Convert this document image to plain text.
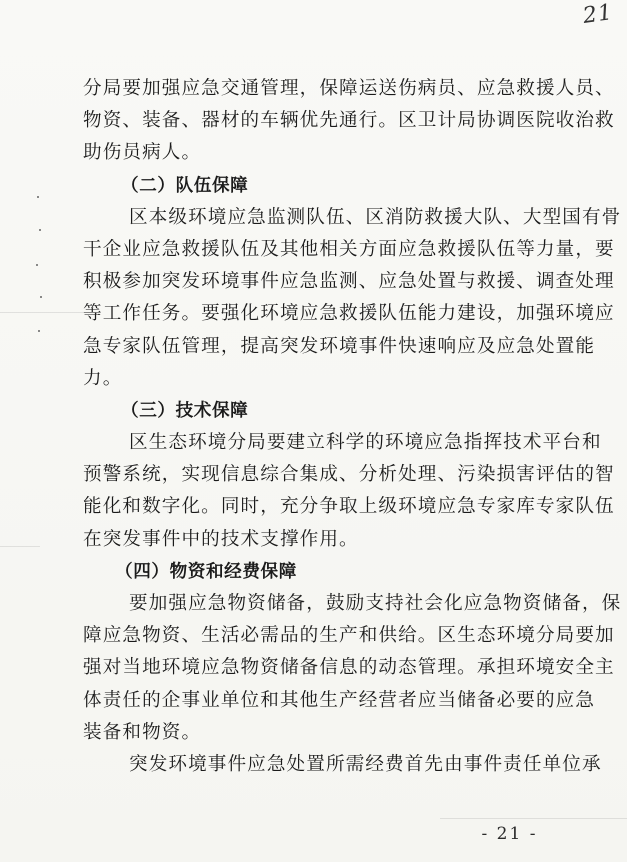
21
分局要加强应急交通管理，保障运送伤病员、应急救援人员、
物资、装备、器材的车辆优先通行。区卫计局协调医院收治救
助伤员病人。
（二）队伍保障
区本级环境应急监测队伍、区消防救援大队、大型国有骨
干企业应急救援队伍及其他相关方面应急救援队伍等力量，要
积极参加突发环境事件应急监测、应急处置与救援、调查处理
等工作任务。要强化环境应急救援队伍能力建设，加强环境应
急专家队伍管理，提高突发环境事件快速响应及应急处置能
力。
（三）技术保障
区生态环境分局要建立科学的环境应急指挥技术平台和
预警系统，实现信息综合集成、分析处理、污染损害评估的智
能化和数字化。同时，充分争取上级环境应急专家库专家队伍
在突发事件中的技术支撑作用。
（四）物资和经费保障
要加强应急物资储备，鼓励支持社会化应急物资储备，保
障应急物资、生活必需品的生产和供给。区生态环境分局要加
强对当地环境应急物资储备信息的动态管理。承担环境安全主
体责任的企事业单位和其他生产经营者应当储备必要的应急
装备和物资。
突发环境事件应急处置所需经费首先由事件责任单位承
- 21 -
